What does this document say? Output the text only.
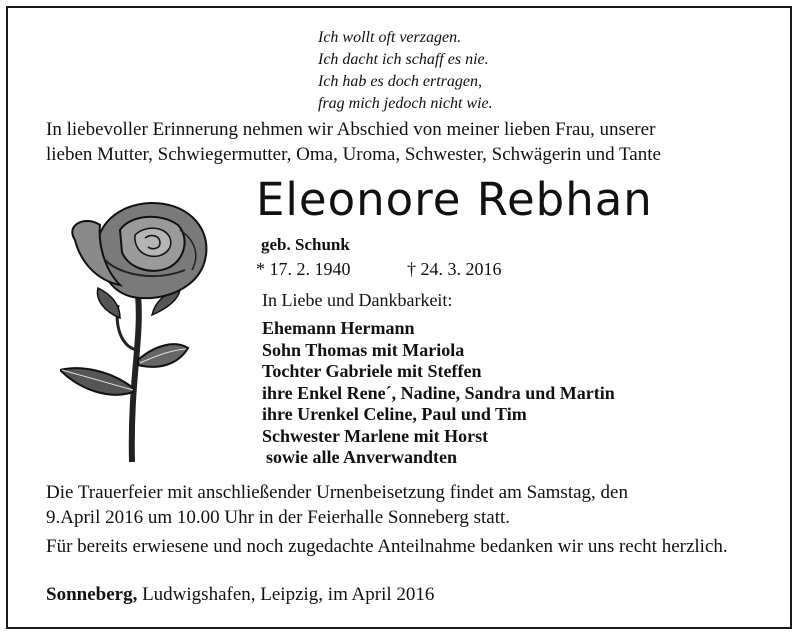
Ich wollt oft verzagen.
Ich dacht ich schaff es nie.
Ich hab es doch ertragen,
frag mich jedoch nicht wie.
In liebevoller Erinnerung nehmen wir Abschied von meiner lieben Frau, unserer
lieben Mutter, Schwiegermutter, Oma, Uroma, Schwester, Schwägerin und Tante
Eleonore Rebhan
geb. Schunk
* 17. 2. 1940	† 24. 3. 2016
In Liebe und Dankbarkeit:
Ehemann Hermann
Sohn Thomas mit Mariola
Tochter Gabriele mit Steffen
ihre Enkel Rene´, Nadine, Sandra und Martin
ihre Urenkel Celine, Paul und Tim
Schwester Marlene mit Horst
sowie alle Anverwandten
Die Trauerfeier mit anschließender Urnenbeisetzung findet am Samstag, den
9.April 2016 um 10.00 Uhr in der Feierhalle Sonneberg statt.
Für bereits erwiesene und noch zugedachte Anteilnahme bedanken wir uns recht herzlich.
Sonneberg, Ludwigshafen, Leipzig, im April 2016
